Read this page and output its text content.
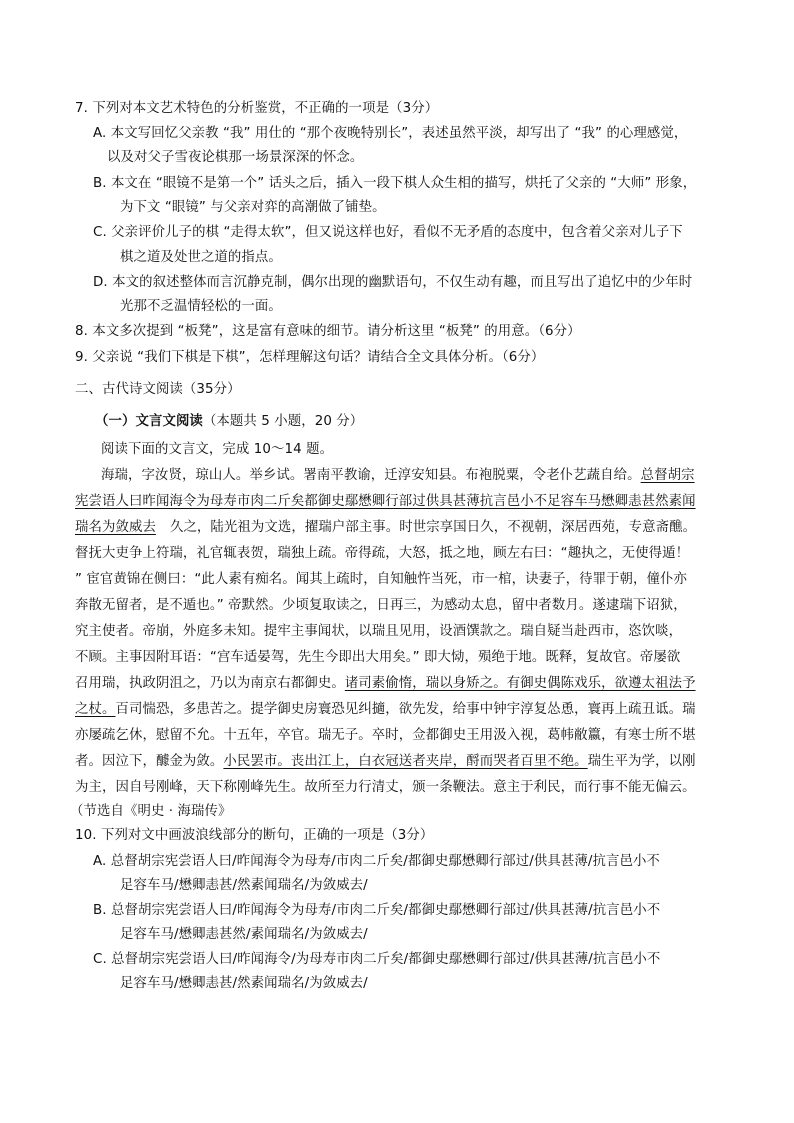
7. 下列对本文艺术特色的分析鉴赏，不正确的一项是（3分）
A. 本文写回忆父亲教 “我” 用仕的 “那个夜晚特别长”，表述虽然平淡，却写出了 “我” 的心理感觉，
以及对父子雪夜论棋那一场景深深的怀念。
B. 本文在 “眼镜不是第一个” 话头之后，插入一段下棋人众生相的描写，烘托了父亲的 “大师” 形象，
为下文 “眼镜” 与父亲对弈的高潮做了铺垫。
C. 父亲评价儿子的棋 “走得太软”，但又说这样也好，看似不无矛盾的态度中，包含着父亲对儿子下
棋之道及处世之道的指点。
D. 本文的叙述整体而言沉静克制，偶尔出现的幽默语句，不仅生动有趣，而且写出了追忆中的少年时
光那不乏温情轻松的一面。
8. 本文多次提到 “板凳”，这是富有意味的细节。请分析这里 “板凳” 的用意。（6分）
9. 父亲说 “我们下棋是下棋”，怎样理解这句话？请结合全文具体分析。（6分）
二、古代诗文阅读（35分）
（一）文言文阅读（本题共 5 小题，20 分）
阅读下面的文言文，完成 10～14 题。
海瑞，字汝贤，琼山人。举乡试。署南平教谕，迁淳安知县。布袍脱粟，令老仆艺蔬自给。总督胡宗
宪尝语人曰昨闻海令为母寿市肉二斤矣都御史鄢懋卿行部过供具甚薄抗言邑小不足容车马懋卿恚甚然素闻
瑞名为敛威去 久之，陆光祖为文选，擢瑞户部主事。时世宗享国日久，不视朝，深居西苑，专意斋醮。
督抚大吏争上符瑞，礼官辄表贺，瑞独上疏。帝得疏，大怒，抵之地，顾左右曰：“趣执之，无使得遁！
” 宦官黄锦在侧曰：“此人素有痴名。闻其上疏时，自知触忤当死，市一棺，诀妻子，待罪于朝，僮仆亦
奔散无留者，是不遁也。” 帝默然。少顷复取读之，日再三，为感动太息，留中者数月。遂逮瑞下诏狱，
究主使者。帝崩，外庭多未知。提牢主事闻状，以瑞且见用，设酒馔款之。瑞自疑当赴西市，恣饮啖，
不顾。主事因附耳语：“宫车适晏驾，先生今即出大用矣。” 即大恸，殒绝于地。既释，复故官。帝屡欲
召用瑞，执政阴沮之，乃以为南京右都御史。诸司素偷惰，瑞以身矫之。有御史偶陈戏乐，欲遵太祖法予
之杖。百司惴恐，多患苦之。提学御史房寰恐见纠擿，欲先发，给事中钟宇淳复怂恿，寰再上疏丑诋。瑞
亦屡疏乞休，慰留不允。十五年，卒官。瑞无子。卒时，佥都御史王用汲入视，葛帏敝籝，有寒士所不堪
者。因泣下，醵金为敛。小民罢市。丧出江上，白衣冠送者夹岸，酹而哭者百里不绝。瑞生平为学，以刚
为主，因自号刚峰，天下称刚峰先生。故所至力行清丈，颁一条鞭法。意主于利民，而行事不能无偏云。
（节选自《明史 · 海瑞传》
10. 下列对文中画波浪线部分的断句，正确的一项是（3分）
A. 总督胡宗宪尝语人曰/昨闻海令为母寿/市肉二斤矣/都御史鄢懋卿行部过/供具甚薄/抗言邑小不
足容车马/懋卿恚甚/然素闻瑞名/为敛威去/
B. 总督胡宗宪尝语人曰/昨闻海令为母寿/市肉二斤矣/都御史鄢懋卿行部过/供具甚薄/抗言邑小不
足容车马/懋卿恚甚然/素闻瑞名/为敛威去/
C. 总督胡宗宪尝语人曰/昨闻海令/为母寿市肉二斤矣/都御史鄢懋卿行部过/供具甚薄/抗言邑小不
足容车马/懋卿恚甚/然素闻瑞名/为敛威去/
